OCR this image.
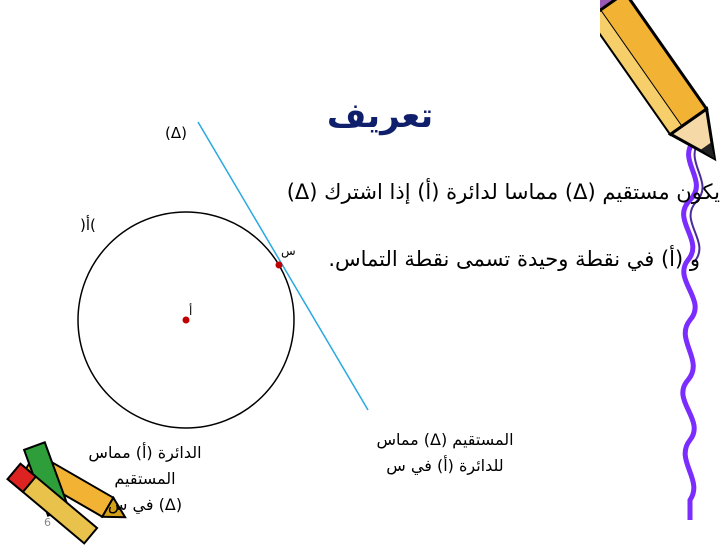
(Δ)
)أ(
أ
س
تعريف
يكون مستقيم (Δ) مماسا لدائرة (أ) إذا اشترك (Δ)
و (أ) في نقطة وحيدة تسمى نقطة التماس.
المستقيم (Δ) مماس
للدائرة (أ) في س
الدائرة (أ) مماس المستقيم
(Δ) في س
6
